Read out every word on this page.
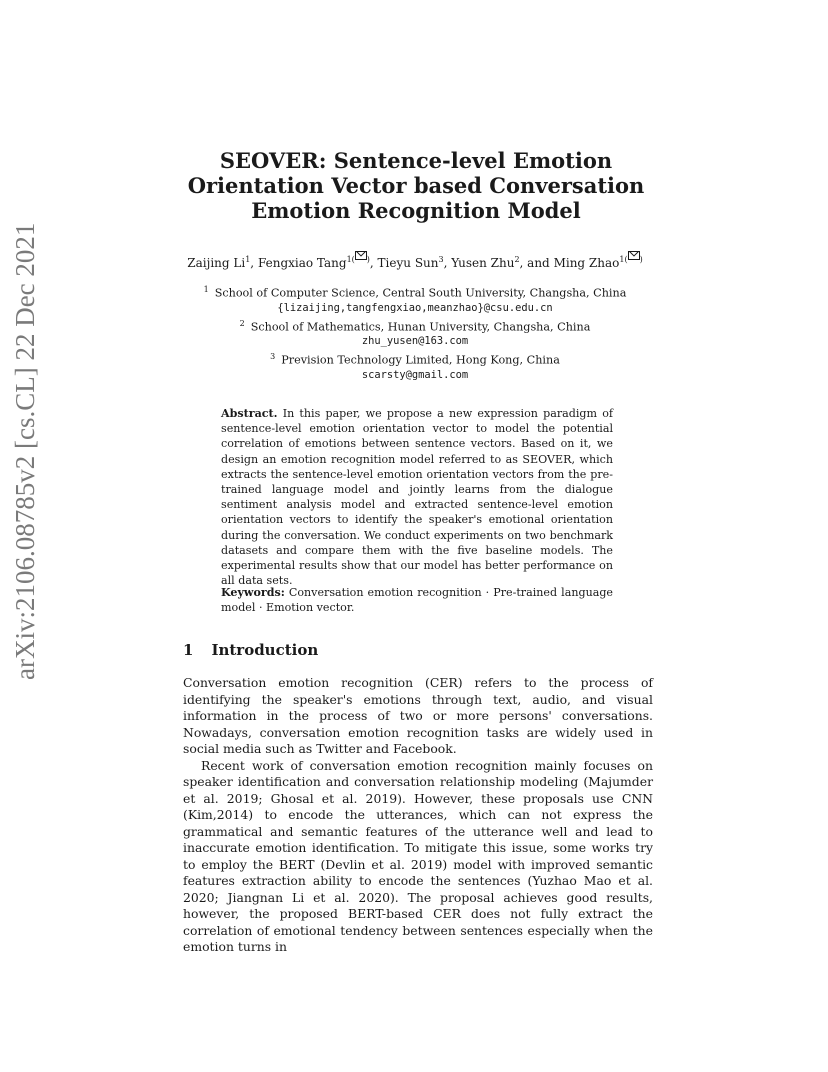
arXiv:2106.08785v2 [cs.CL] 22 Dec 2021
SEOVER: Sentence-level Emotion Orientation Vector based Conversation Emotion Recognition Model
Zaijing Li$^1$, Fengxiao Tang$^{1( )}$, Tieyu Sun$^3$, Yusen Zhu$^2$, and Ming Zhao$^{1( )}$
$^1$ School of Computer Science, Central South University, Changsha, China
{lizaijing,tangfengxiao,meanzhao}@csu.edu.cn
$^2$ School of Mathematics, Hunan University, Changsha, China
zhu_yusen@163.com
$^3$ Prevision Technology Limited, Hong Kong, China
scarsty@gmail.com
Abstract. In this paper, we propose a new expression paradigm of sentence-level emotion orientation vector to model the potential correlation of emotions between sentence vectors. Based on it, we design an emotion recognition model referred to as SEOVER, which extracts the sentence-level emotion orientation vectors from the pre-trained language model and jointly learns from the dialogue sentiment analysis model and extracted sentence-level emotion orientation vectors to identify the speaker's emotional orientation during the conversation. We conduct experiments on two benchmark datasets and compare them with the five baseline models. The experimental results show that our model has better performance on all data sets.
Keywords: Conversation emotion recognition · Pre-trained language model · Emotion vector.
1 Introduction

Conversation emotion recognition (CER) refers to the process of identifying the speaker's emotions through text, audio, and visual information in the process of two or more persons' conversations. Nowadays, conversation emotion recognition tasks are widely used in social media such as Twitter and Facebook.

Recent work of conversation emotion recognition mainly focuses on speaker identification and conversation relationship modeling (Majumder et al. 2019; Ghosal et al. 2019). However, these proposals use CNN (Kim,2014) to encode the utterances, which can not express the grammatical and semantic features of the utterance well and lead to inaccurate emotion identification. To mitigate this issue, some works try to employ the BERT (Devlin et al. 2019) model with improved semantic features extraction ability to encode the sentences (Yuzhao Mao et al. 2020; Jiangnan Li et al. 2020). The proposal achieves good results, however, the proposed BERT-based CER does not fully extract the correlation of emotional tendency between sentences especially when the emotion turns in
